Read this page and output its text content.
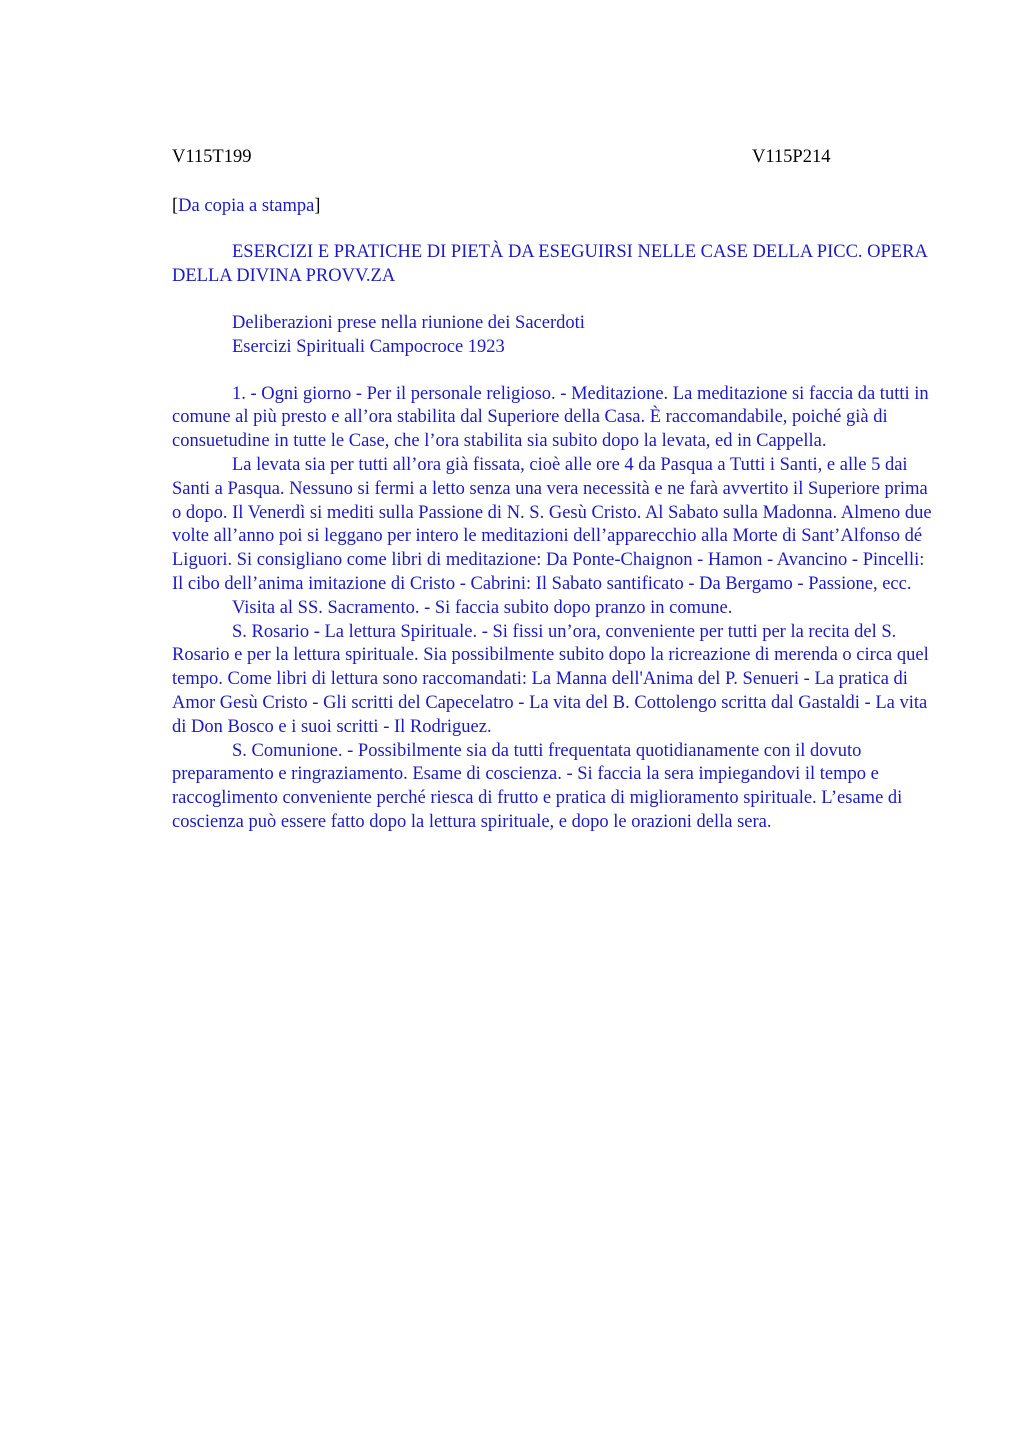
V115T199	V115P214
[Da copia a stampa]
ESERCIZI E PRATICHE DI PIETÀ DA ESEGUIRSI NELLE CASE DELLA PICC. OPERA DELLA DIVINA PROVV.ZA
Deliberazioni prese nella riunione dei Sacerdoti
Esercizi Spirituali Campocroce 1923

1. - Ogni giorno - Per il personale religioso. - Meditazione. La meditazione si faccia da tutti in comune al più presto e all’ora stabilita dal Superiore della Casa. È raccomandabile, poiché già di consuetudine in tutte le Case, che l’ora stabilita sia subito dopo la levata, ed in Cappella.

La levata sia per tutti all’ora già fissata, cioè alle ore 4 da Pasqua a Tutti i Santi, e alle 5 dai Santi a Pasqua. Nessuno si fermi a letto senza una vera necessità e ne farà avvertito il Superiore prima o dopo. Il Venerdì si mediti sulla Passione di N. S. Gesù Cristo. Al Sabato sulla Madonna. Almeno due volte all’anno poi si leggano per intero le meditazioni dell’apparecchio alla Morte di Sant’Alfonso dé Liguori. Si consigliano come libri di meditazione: Da Ponte-Chaignon - Hamon - Avancino - Pincelli: Il cibo dell’anima imitazione di Cristo - Cabrini: Il Sabato santificato - Da Bergamo - Passione, ecc.

Visita al SS. Sacramento. - Si faccia subito dopo pranzo in comune.

S. Rosario - La lettura Spirituale. - Si fissi un’ora, conveniente per tutti per la recita del S. Rosario e per la lettura spirituale. Sia possibilmente subito dopo la ricreazione di merenda o circa quel tempo. Come libri di lettura sono raccomandati: La Manna dell'Anima del P. Senueri - La pratica di Amor Gesù Cristo - Gli scritti del Capecelatro - La vita del B. Cottolengo scritta dal Gastaldi - La vita di Don Bosco e i suoi scritti - Il Rodriguez.

S. Comunione. - Possibilmente sia da tutti frequentata quotidianamente con il dovuto preparamento e ringraziamento. Esame di coscienza. - Si faccia la sera impiegandovi il tempo e raccoglimento conveniente perché riesca di frutto e pratica di miglioramento spirituale. L’esame di coscienza può essere fatto dopo la lettura spirituale, e dopo le orazioni della sera.
